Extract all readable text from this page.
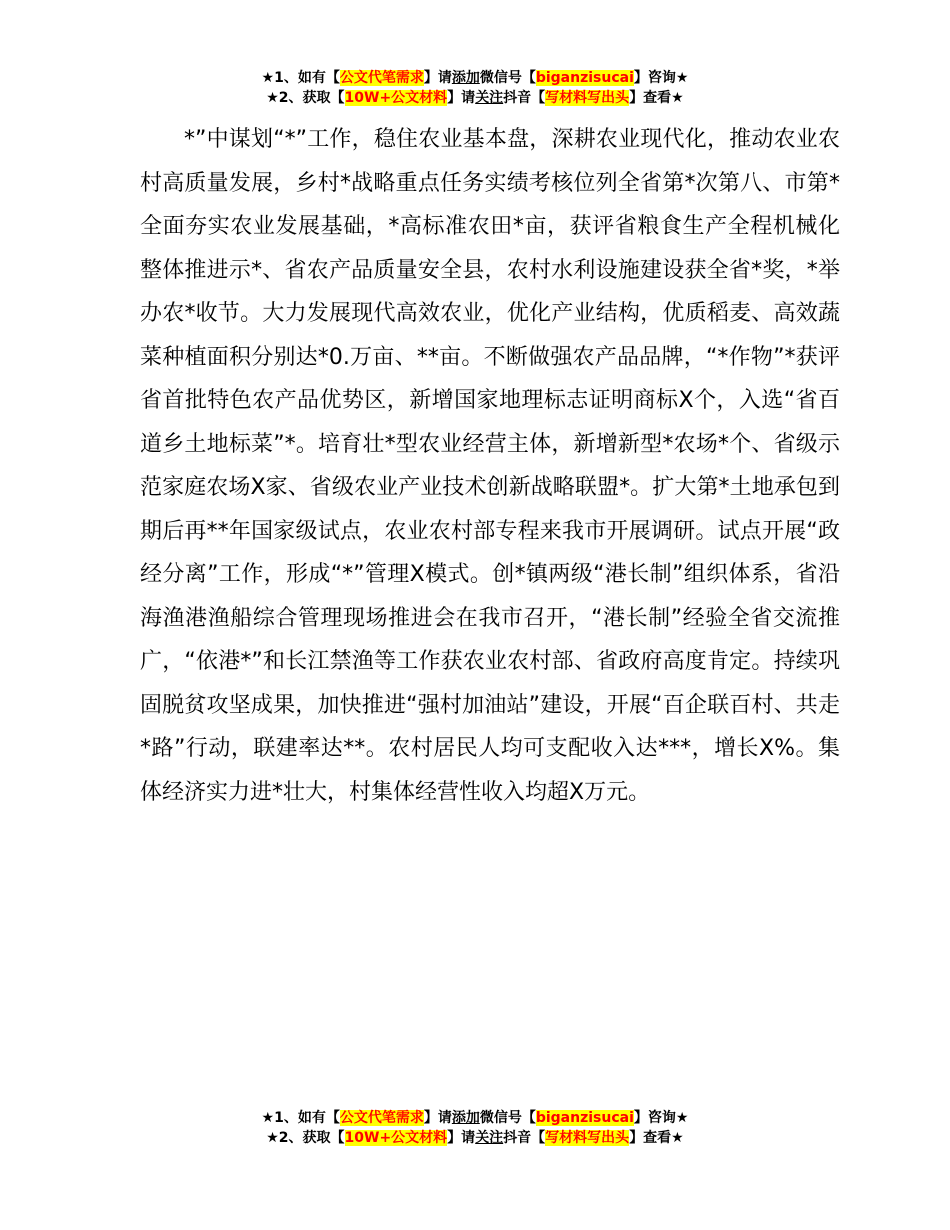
★1、如有【公文代笔需求】请添加微信号【biganzisucai】咨询★
★2、获取【10W+公文材料】请关注抖音【写材料写出头】查看★

*”中谋划“*”工作，稳住农业基本盘，深耕农业现代化，推动农业农村高质量发展，乡村*战略重点任务实绩考核位列全省第*次第八、市第*全面夯实农业发展基础，*高标准农田*亩，获评省粮食生产全程机械化整体推进示*、省农产品质量安全县，农村水利设施建设获全省*奖，*举办农*收节。大力发展现代高效农业，优化产业结构，优质稻麦、高效蔬菜种植面积分别达*0.万亩、**亩。不断做强农产品品牌，“*作物”*获评省首批特色农产品优势区，新增国家地理标志证明商标X个，入选“省百道乡土地标菜”*。培育壮*型农业经营主体，新增新型*农场*个、省级示范家庭农场X家、省级农业产业技术创新战略联盟*。扩大第*土地承包到期后再**年国家级试点，农业农村部专程来我市开展调研。试点开展“政经分离”工作，形成“*”管理X模式。创*镇两级“港长制”组织体系，省沿海渔港渔船综合管理现场推进会在我市召开，“港长制”经验全省交流推广，“依港*”和长江禁渔等工作获农业农村部、省政府高度肯定。持续巩固脱贫攻坚成果，加快推进“强村加油站”建设，开展“百企联百村、共走*路”行动，联建率达**。农村居民人均可支配收入达***，增长X%。集体经济实力进*壮大，村集体经营性收入均超X万元。

★1、如有【公文代笔需求】请添加微信号【biganzisucai】咨询★
★2、获取【10W+公文材料】请关注抖音【写材料写出头】查看★
